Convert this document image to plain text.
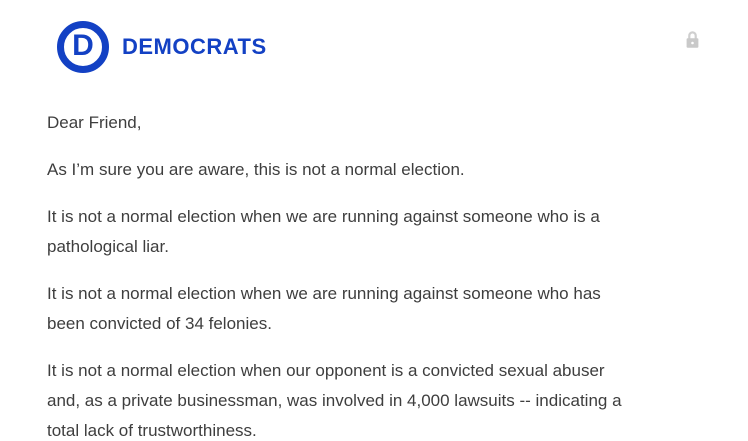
D DEMOCRATS

Dear Friend,

As I’m sure you are aware, this is not a normal election.

It is not a normal election when we are running against someone who is a
pathological liar.

It is not a normal election when we are running against someone who has
been convicted of 34 felonies.

It is not a normal election when our opponent is a convicted sexual abuser
and, as a private businessman, was involved in 4,000 lawsuits -- indicating a
total lack of trustworthiness.
